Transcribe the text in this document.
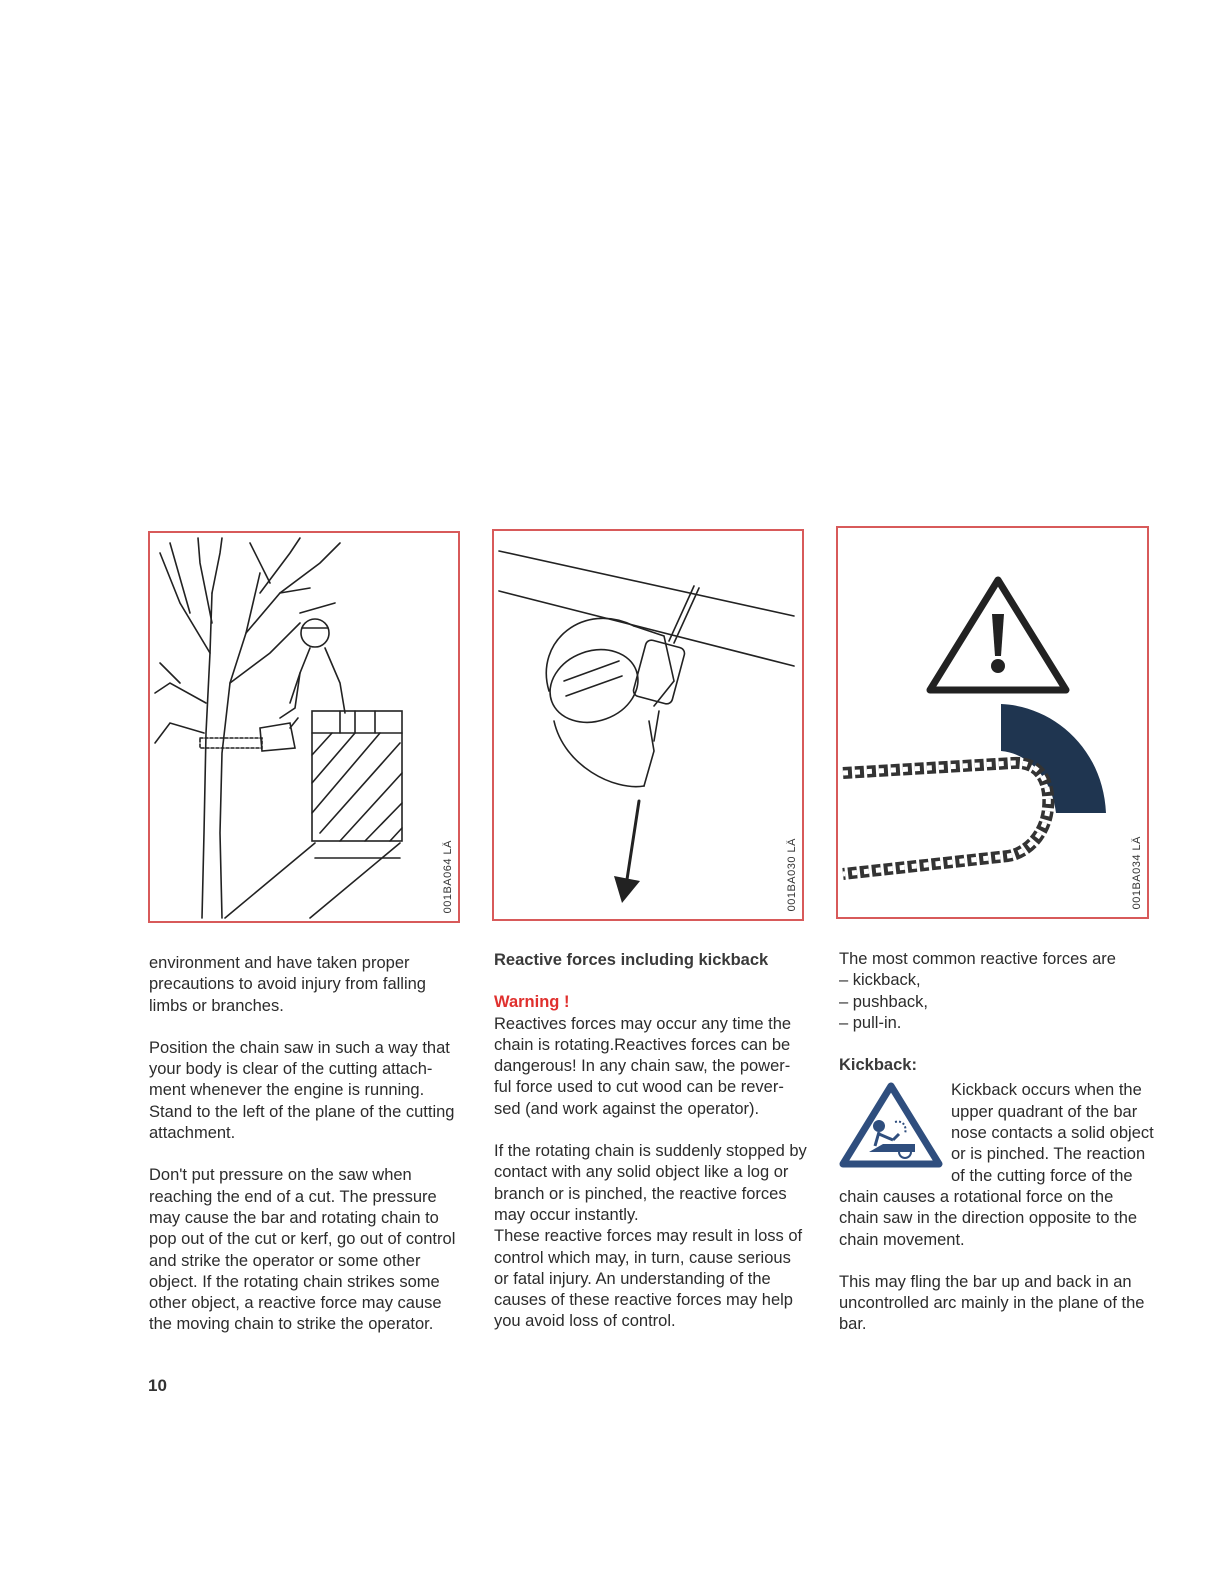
001BA064 LÄ	001BA030 LÄ	001BA034 LÄ

environment and have taken proper precautions to avoid injury from falling limbs or branches.

Position the chain saw in such a way that your body is clear of the cutting attach- ment whenever the engine is running. Stand to the left of the plane of the cutting attachment.

Don't put pressure on the saw when reaching the end of a cut. The pressure may cause the bar and rotating chain to pop out of the cut or kerf, go out of control and strike the operator or some other object. If the rotating chain strikes some other object, a reactive force may cause the moving chain to strike the operator.

Reactive forces including kickback
Warning !

Reactives forces may occur any time the chain is rotating.Reactives forces can be dangerous! In any chain saw, the power- ful force used to cut wood can be rever- sed (and work against the operator).

If the rotating chain is suddenly stopped by contact with any solid object like a log or branch or is pinched, the reactive forces may occur instantly.

These reactive forces may result in loss of control which may, in turn, cause serious or fatal injury. An understanding of the causes of these reactive forces may help you avoid loss of control.

The most common reactive forces are
– kickback,
– pushback,
– pull-in.
Kickback:

Kickback occurs when the upper quadrant of the bar nose contacts a solid object or is pinched. The reaction of the cutting force of the chain causes a rotational force on the chain saw in the direction opposite to the chain movement.

This may fling the bar up and back in an uncontrolled arc mainly in the plane of the bar.

10
